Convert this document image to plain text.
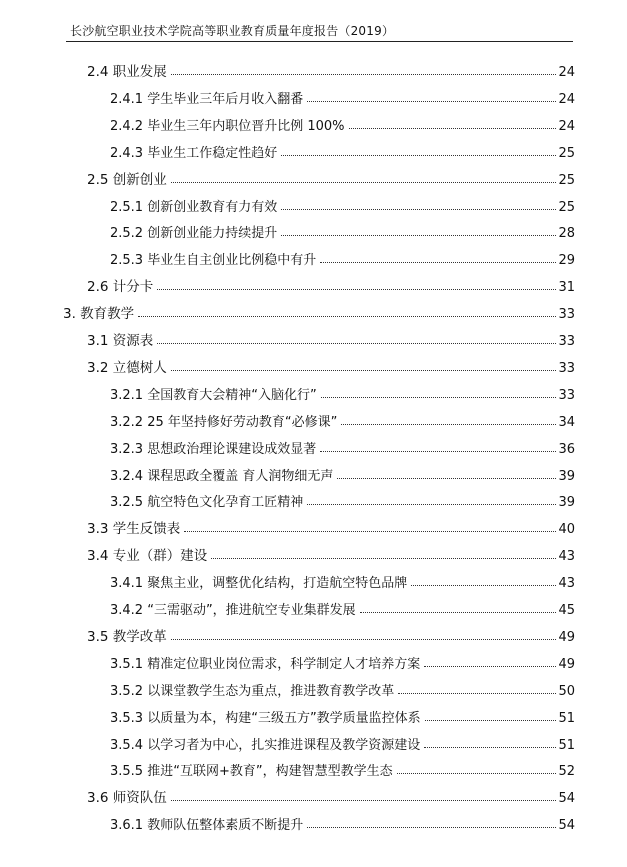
长沙航空职业技术学院高等职业教育质量年度报告（2019）
2.4 职业发展	24
2.4.1 学生毕业三年后月收入翻番	24
2.4.2 毕业生三年内职位晋升比例 100%	24
2.4.3 毕业生工作稳定性趋好	25
2.5 创新创业	25
2.5.1 创新创业教育有力有效	25
2.5.2 创新创业能力持续提升	28
2.5.3 毕业生自主创业比例稳中有升	29
2.6 计分卡	31
3. 教育教学	33
3.1 资源表	33
3.2 立德树人	33
3.2.1 全国教育大会精神“入脑化行”	33
3.2.2 25 年坚持修好劳动教育“必修课”	34
3.2.3 思想政治理论课建设成效显著	36
3.2.4 课程思政全覆盖 育人润物细无声	39
3.2.5 航空特色文化孕育工匠精神	39
3.3 学生反馈表	40
3.4 专业（群）建设	43
3.4.1 聚焦主业，调整优化结构，打造航空特色品牌	43
3.4.2 “三需驱动”，推进航空专业集群发展	45
3.5 教学改革	49
3.5.1 精准定位职业岗位需求，科学制定人才培养方案	49
3.5.2 以课堂教学生态为重点，推进教育教学改革	50
3.5.3 以质量为本，构建“三级五方”教学质量监控体系	51
3.5.4 以学习者为中心，扎实推进课程及教学资源建设	51
3.5.5 推进“互联网+教育”，构建智慧型教学生态	52
3.6 师资队伍	54
3.6.1 教师队伍整体素质不断提升	54
